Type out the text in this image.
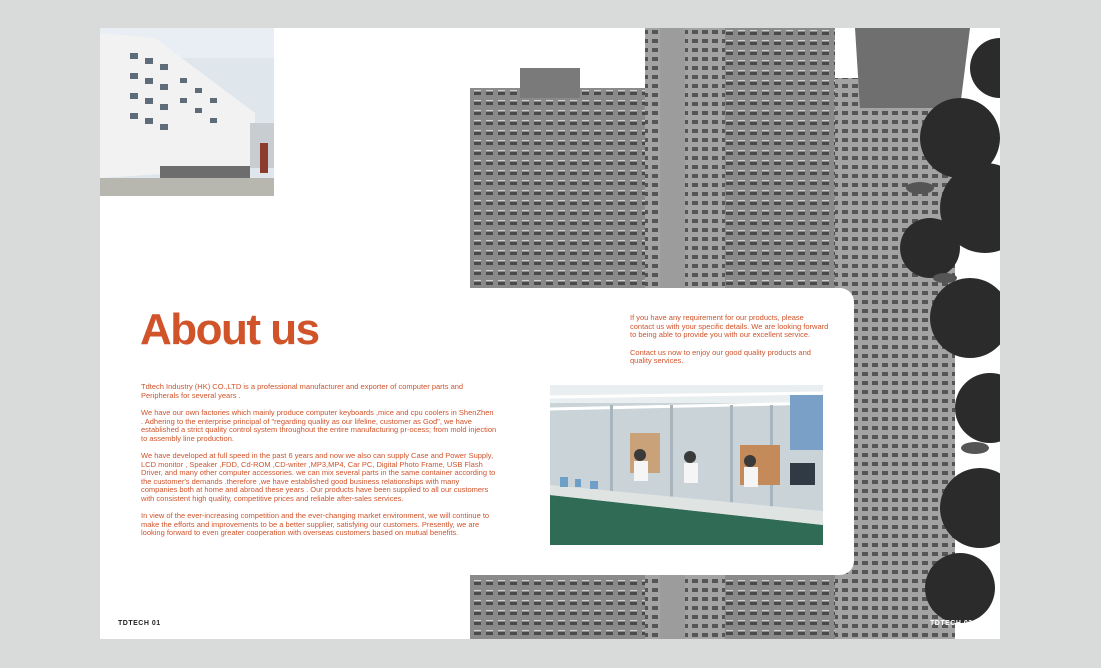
About us

Tdtech Industry (HK) CO.,LTD is a professional manufacturer and exporter of computer parts and Peripherals for several years .

We have our own factories which mainly produce computer keyboards ,mice and cpu coolers in ShenZhen . Adhering to the enterprise principal of "regarding quality as our lifeline, customer as God", we have established a strict quality control system throughout the entire manufacturing pr-ocess; from mold injection to assembly line production.

We have developed at full speed in the past 6 years and now we also can supply Case and Power Supply, LCD monitor , Speaker ,FDD, Cd-ROM ,CD-writer ,MP3,MP4, Car PC, Digital Photo Frame, USB Flash Driver, and many other computer accessories. we can mix several parts in the same container according to the customer's demands .therefore ,we have established good business relationships with many companies both at home and abroad these years . Our products have been supplied to all our customers with consistent high quality, competitive prices and reliable after-sales services.

In view of the ever-increasing competition and the ever-changing market environment, we will continue to make the efforts and improvements to be a better supplier, satisfying our customers. Presently, we are looking forward to even greater cooperation with overseas customers based on mutual benefits.

If you have any requirement for our products, please contact us with your specific details. We are looking forward to being able to provide you with our excellent service.

Contact us now to enjoy our good quality products and quality services.

TDTECH 01	TDTECH 02
